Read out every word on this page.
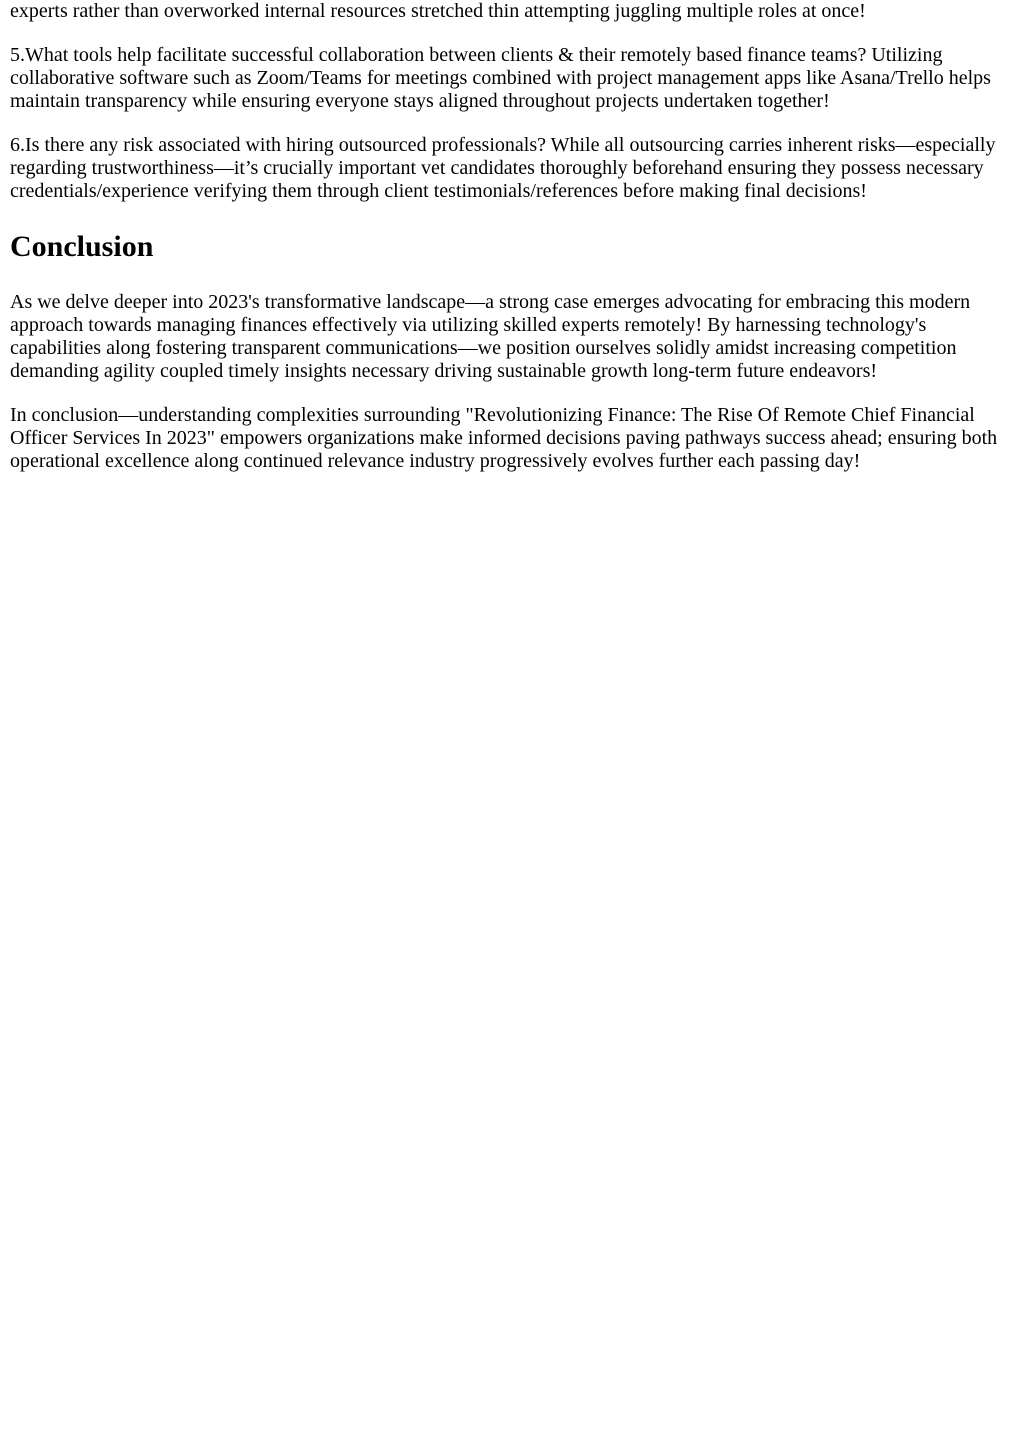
experts rather than overworked internal resources stretched thin attempting juggling multiple roles at once!

5.What tools help facilitate successful collaboration between clients & their remotely based finance teams? Utilizing collaborative software such as Zoom/Teams for meetings combined with project management apps like Asana/Trello helps maintain transparency while ensuring everyone stays aligned throughout projects undertaken together!

6.Is there any risk associated with hiring outsourced professionals? While all outsourcing carries inherent risks—especially regarding trustworthiness—it’s crucially important vet candidates thoroughly beforehand ensuring they possess necessary credentials/experience verifying them through client testimonials/references before making final decisions!

Conclusion

As we delve deeper into 2023's transformative landscape—a strong case emerges advocating for embracing this modern approach towards managing finances effectively via utilizing skilled experts remotely! By harnessing technology's capabilities along fostering transparent communications—we position ourselves solidly amidst increasing competition demanding agility coupled timely insights necessary driving sustainable growth long-term future endeavors!

In conclusion—understanding complexities surrounding "Revolutionizing Finance: The Rise Of Remote Chief Financial Officer Services In 2023" empowers organizations make informed decisions paving pathways success ahead; ensuring both operational excellence along continued relevance industry progressively evolves further each passing day!
